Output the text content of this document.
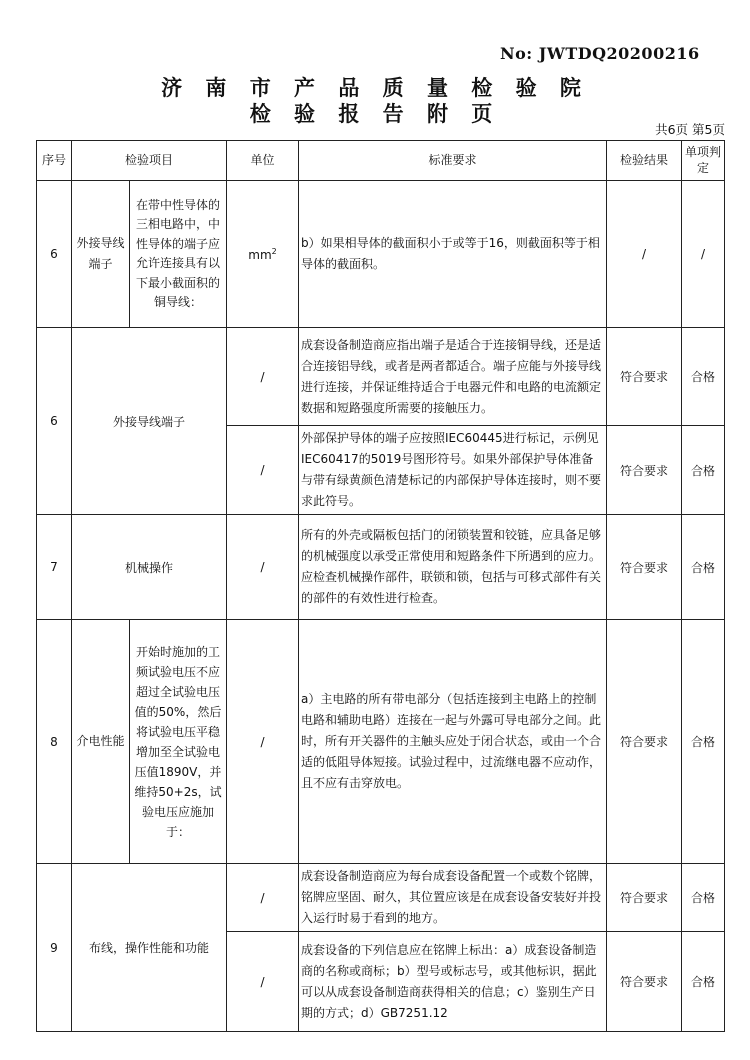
No: JWTDQ20200216
济 南 市 产 品 质 量 检 验 院
检 验 报 告 附 页
共6页 第5页
序号	检验项目		单位	标准要求	检验结果	单项判定
6	外接导线端子	在带中性导体的三相电路中，中性导体的端子应允许连接具有以下最小截面积的铜导线：	$mm^2$	b）如果相导体的截面积小于或等于16，则截面积等于相导体的截面积。	/	/
6	外接导线端子		/	成套设备制造商应指出端子是适合于连接铜导线，还是适合连接铝导线，或者是两者都适合。端子应能与外接导线进行连接，并保证维持适合于电器元件和电路的电流额定数据和短路强度所需要的接触压力。	符合要求	合格
			/	外部保护导体的端子应按照IEC60445进行标记，示例见IEC60417的5019号图形符号。如果外部保护导体准备与带有绿黄颜色清楚标记的内部保护导体连接时，则不要求此符号。	符合要求	合格
7	机械操作		/	所有的外壳或隔板包括门的闭锁装置和铰链，应具备足够的机械强度以承受正常使用和短路条件下所遇到的应力。应检查机械操作部件，联锁和锁，包括与可移式部件有关的部件的有效性进行检查。	符合要求	合格
8	介电性能	开始时施加的工频试验电压不应超过全试验电压值的50%，然后将试验电压平稳增加至全试验电压值1890V，并维持50+2s，试验电压应施加于：	/	a）主电路的所有带电部分（包括连接到主电路上的控制电路和辅助电路）连接在一起与外露可导电部分之间。此时，所有开关器件的主触头应处于闭合状态，或由一个合适的低阻导体短接。试验过程中，过流继电器不应动作，且不应有击穿放电。	符合要求	合格
9	布线，操作性能和功能		/	成套设备制造商应为每台成套设备配置一个或数个铭牌，铭牌应坚固、耐久，其位置应该是在成套设备安装好并投入运行时易于看到的地方。	符合要求	合格
			/	成套设备的下列信息应在铭牌上标出：a）成套设备制造商的名称或商标；b）型号或标志号，或其他标识，据此可以从成套设备制造商获得相关的信息；c）鉴别生产日期的方式；d）GB7251.12	符合要求	合格
